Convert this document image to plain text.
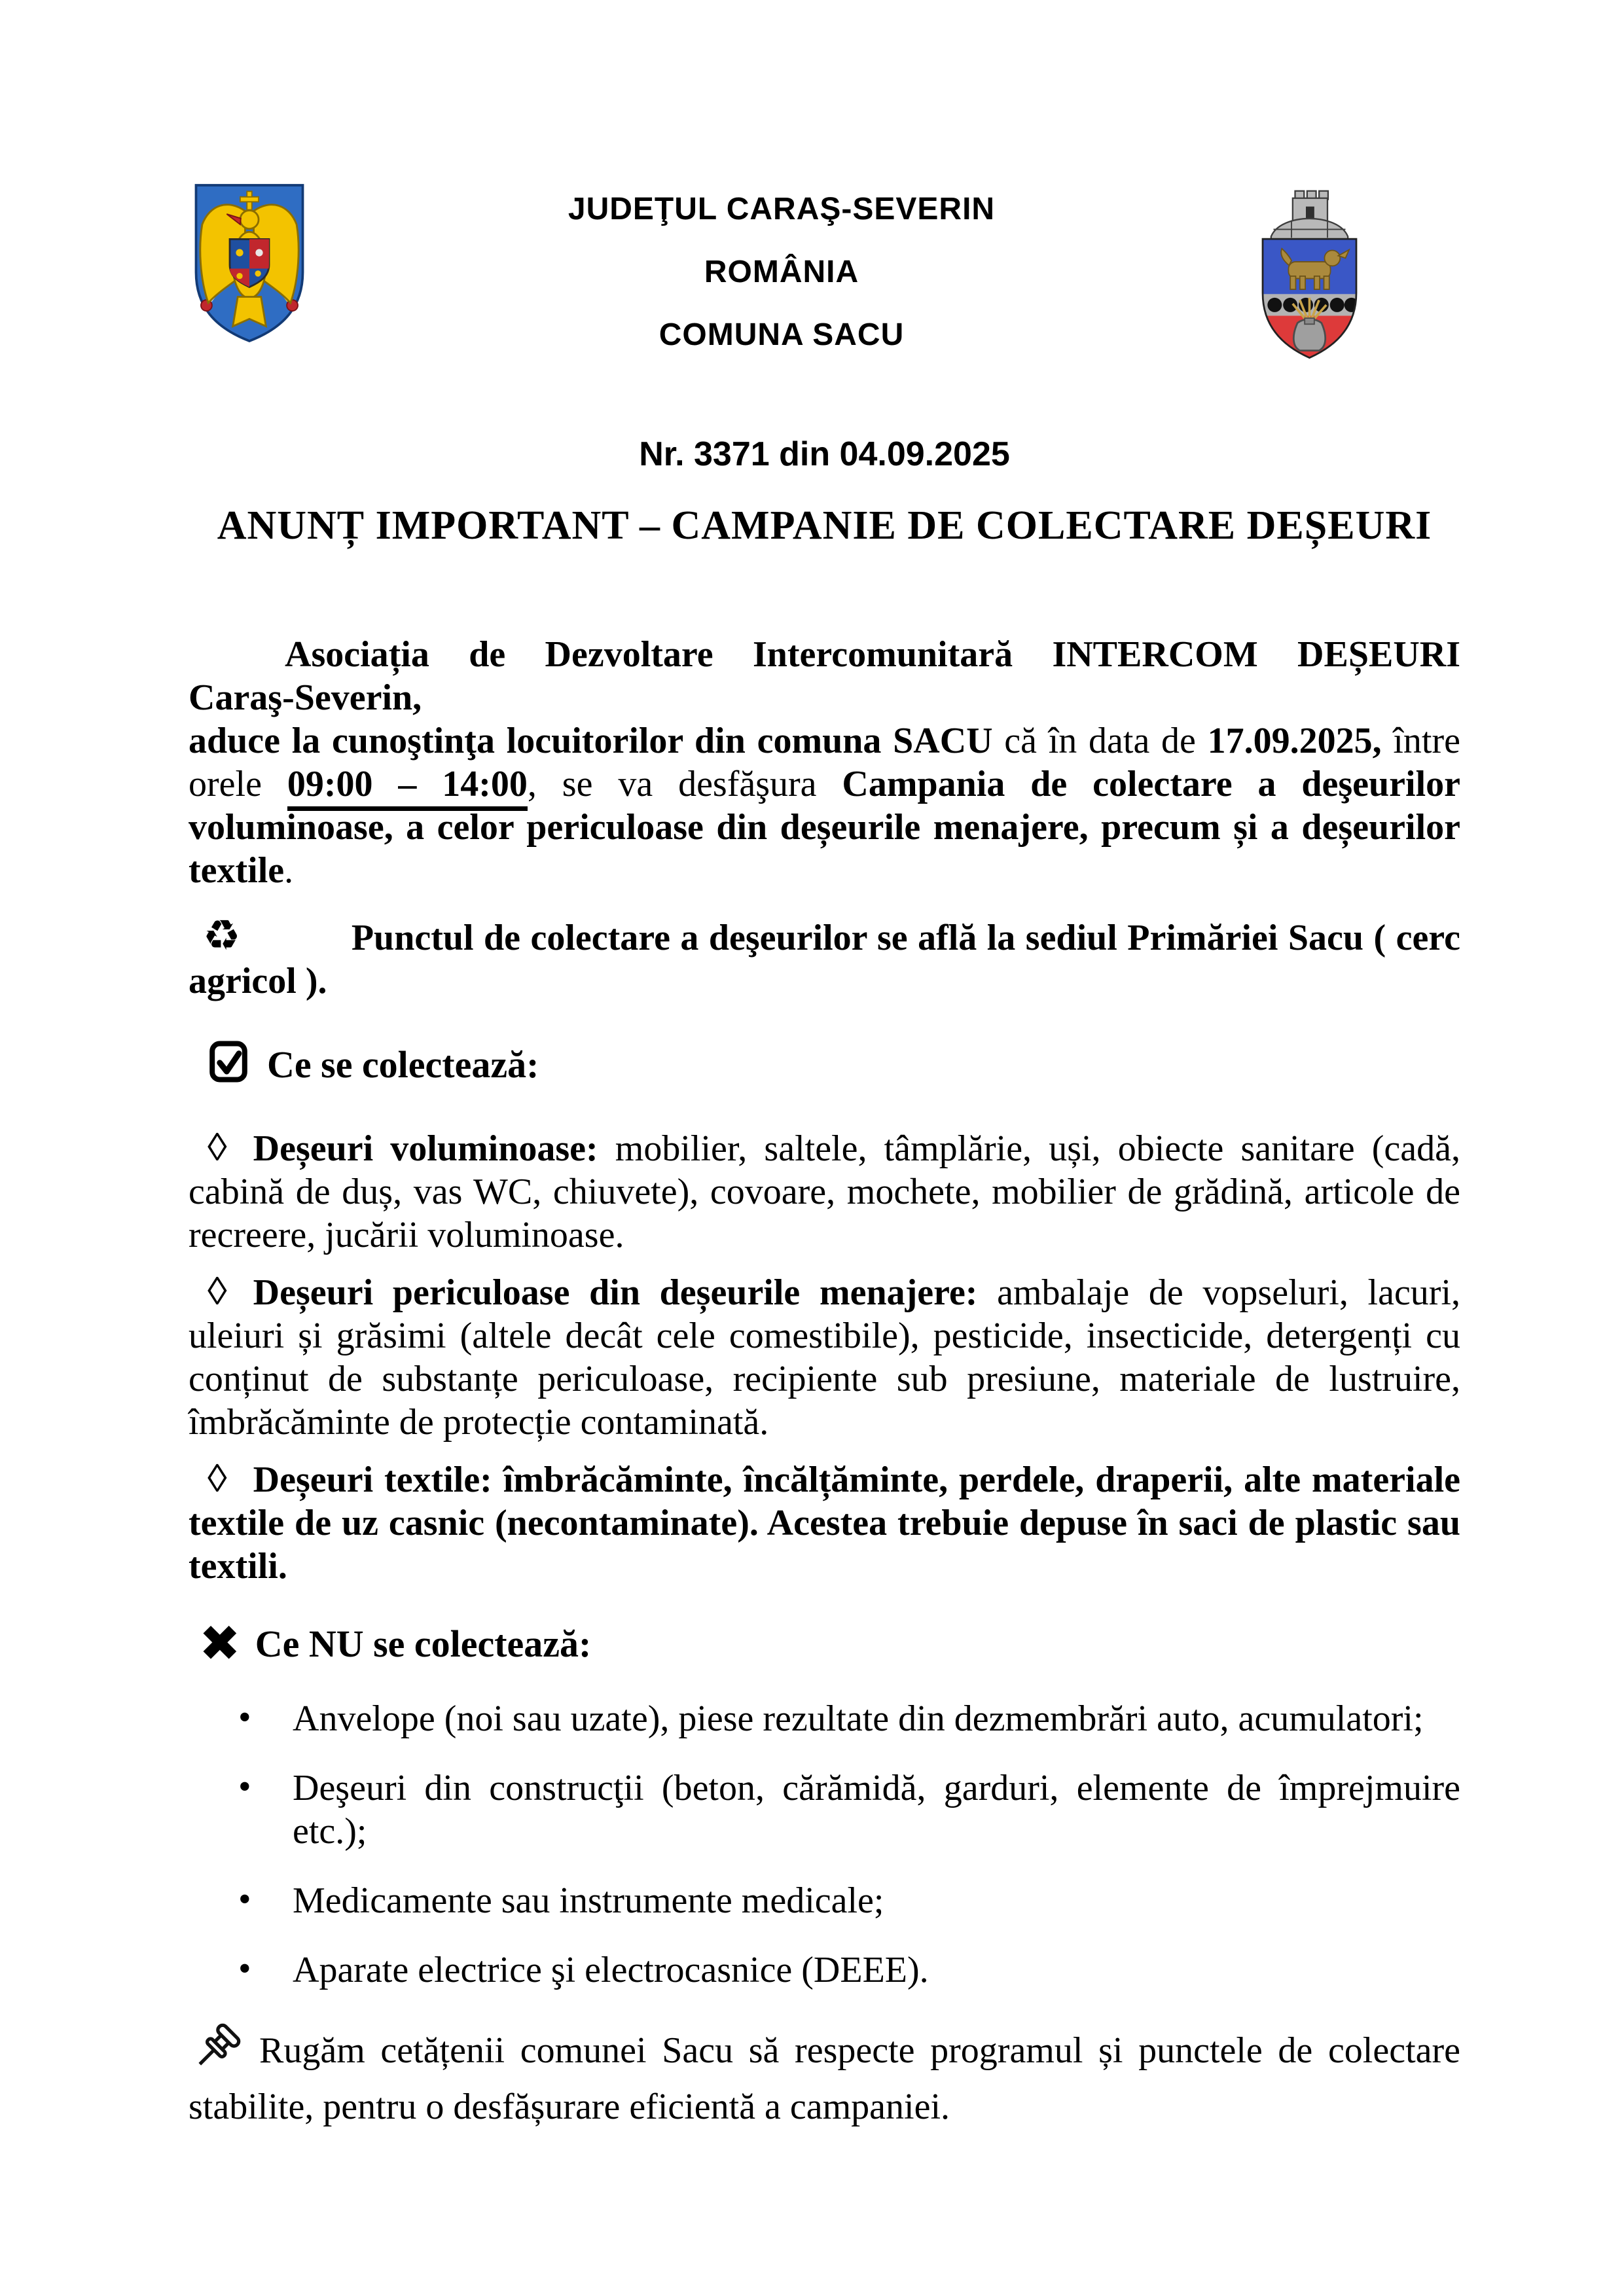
JUDEŢUL CARAŞ-SEVERIN
ROMÂNIA
COMUNA SACU
Nr. 3371 din 04.09.2025
ANUNȚ IMPORTANT – CAMPANIE DE COLECTARE DEȘEURI
Asociația de Dezvoltare Intercomunitară INTERCOM DEȘEURI
Caraş-Severin,
aduce la cunoştinţa locuitorilor din comuna SACU că în data de 17.09.2025, între orele 09:00 – 14:00, se va desfăşura Campania de colectare a deşeurilor voluminoase, a celor periculoase din deșeurile menajere, precum și a deșeurilor textile.
♻	Punctul de colectare a deşeurilor se află la sediul Primăriei Sacu ( cerc agricol ).
Ce se colectează:
◊ Deșeuri voluminoase: mobilier, saltele, tâmplărie, uși, obiecte sanitare (cadă, cabină de duș, vas WC, chiuvete), covoare, mochete, mobilier de grădină, articole de recreere, jucării voluminoase.
◊ Deșeuri periculoase din deșeurile menajere: ambalaje de vopseluri, lacuri, uleiuri și grăsimi (altele decât cele comestibile), pesticide, insecticide, detergenți cu conținut de substanțe periculoase, recipiente sub presiune, materiale de lustruire, îmbrăcăminte de protecție contaminată.
◊ Deșeuri textile: îmbrăcăminte, încălțăminte, perdele, draperii, alte materiale textile de uz casnic (necontaminate). Acestea trebuie depuse în saci de plastic sau textili.
✖ Ce NU se colectează:
• Anvelope (noi sau uzate), piese rezultate din dezmembrări auto, acumulatori;
• Deşeuri din construcţii (beton, cărămidă, garduri, elemente de împrejmuire etc.);
• Medicamente sau instrumente medicale;
• Aparate electrice şi electrocasnice (DEEE).
Rugăm cetățenii comunei Sacu să respecte programul și punctele de colectare stabilite, pentru o desfășurare eficientă a campaniei.
